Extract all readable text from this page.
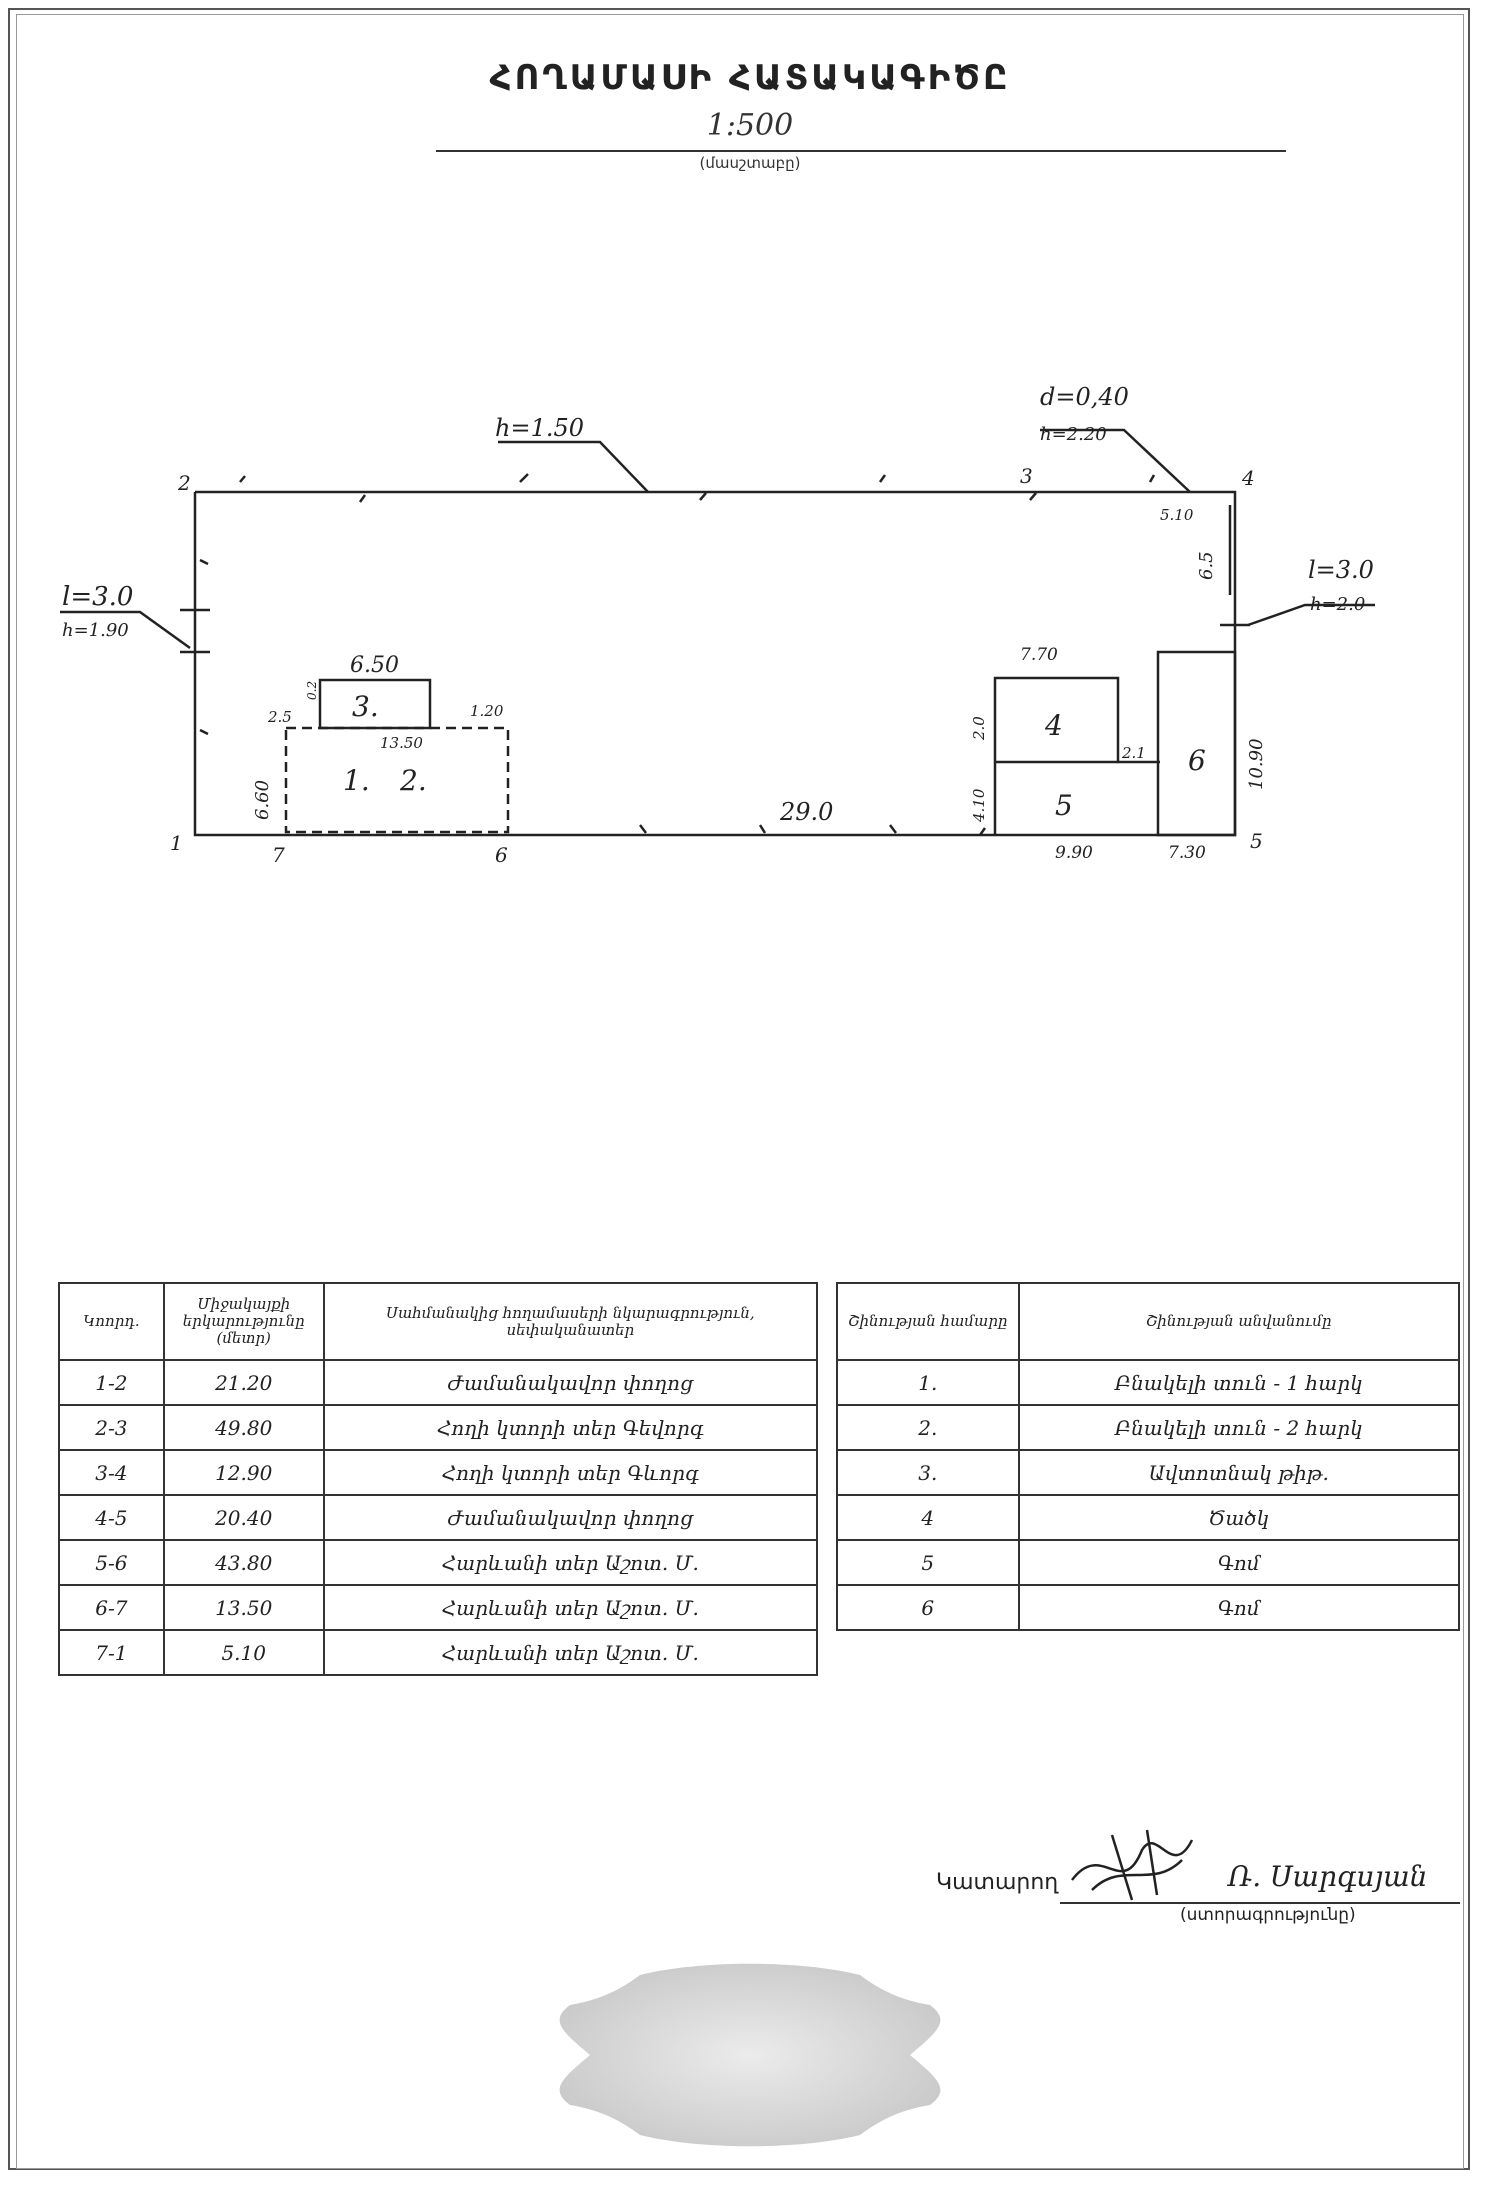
ՀՈՂԱՄԱՍԻ ՀԱՏԱԿԱԳԻԾԸ
1:500
(մասշտաբը)
h=1.50
l=3.0
h=1.90
d=0,40
h=2.20
l=3.0
h=2.0
2	3	4
5
6
7
1
5.10
6.5
6.50
2.5
0.2
1.20
13.50
6.60
7.70
2.0
2.1
4.10
10.90
29.0
9.90	7.30
3.
1. 2.
4
5
6
Կոորդ.	Միջակայքի երկարությունը (մետր)	Սահմանակից հողամասերի նկարագրություն, սեփականատեր
1-2	21.20	Ժամանակավոր փողոց
2-3	49.80	Հողի կտորի տեր Գեվորգ
3-4	12.90	Հողի կտորի տեր Գևորգ
4-5	20.40	Ժամանակավոր փողոց
5-6	43.80	Հարևանի տեր Աշոտ. Մ.
6-7	13.50	Հարևանի տեր Աշոտ. Մ.
7-1	5.10	Հարևանի տեր Աշոտ. Մ.
Շինության համարը	Շինության անվանումը
1.	Բնակելի տուն - 1 հարկ
2.	Բնակելի տուն - 2 հարկ
3.	Ավտոտնակ թիթ.
4	Ծածկ
5	Գոմ
6	Գոմ
Կատարող	Ռ. Սարգսյան
(ստորագրությունը)
